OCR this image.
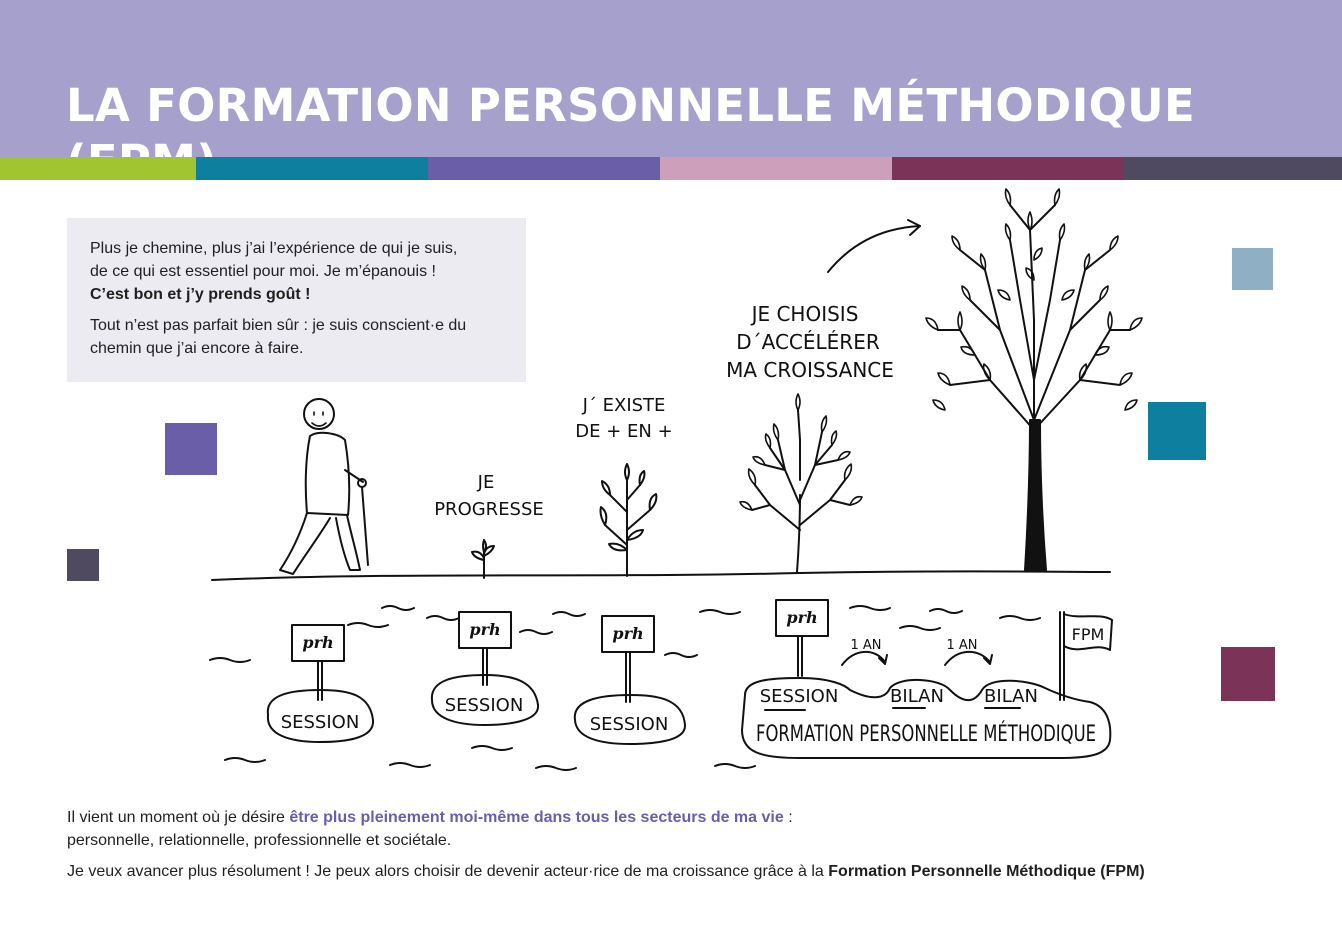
LA FORMATION PERSONNELLE MÉTHODIQUE

Plus je chemine, plus j’ai l’expérience de qui je suis,

de ce qui est essentiel pour moi. Je m’épanouis !

C’est bon et j’y prends goût !

Tout n’est pas parfait bien sûr : je suis conscient·e du

chemin que j’ai encore à faire.

JE
PROGRESSE
J´ EXISTE
DE + EN +
JE CHOISIS
D´ACCÉLÉRER
MA CROISSANCE
prh
prh	prh
prh
SESSION
SESSION
SESSION
SESSION	BILAN BILAN
1 AN	1 AN
FPM
FORMATION PERSONNELLE MÉTHODIQUE

Il vient un moment où je désire être plus pleinement moi-même dans tous les secteurs de ma vie :

personnelle, relationnelle, professionnelle et sociétale.

Je veux avancer plus résolument ! Je peux alors choisir de devenir acteur·rice de ma croissance grâce à la Formation Personnelle Méthodique (FPM)
